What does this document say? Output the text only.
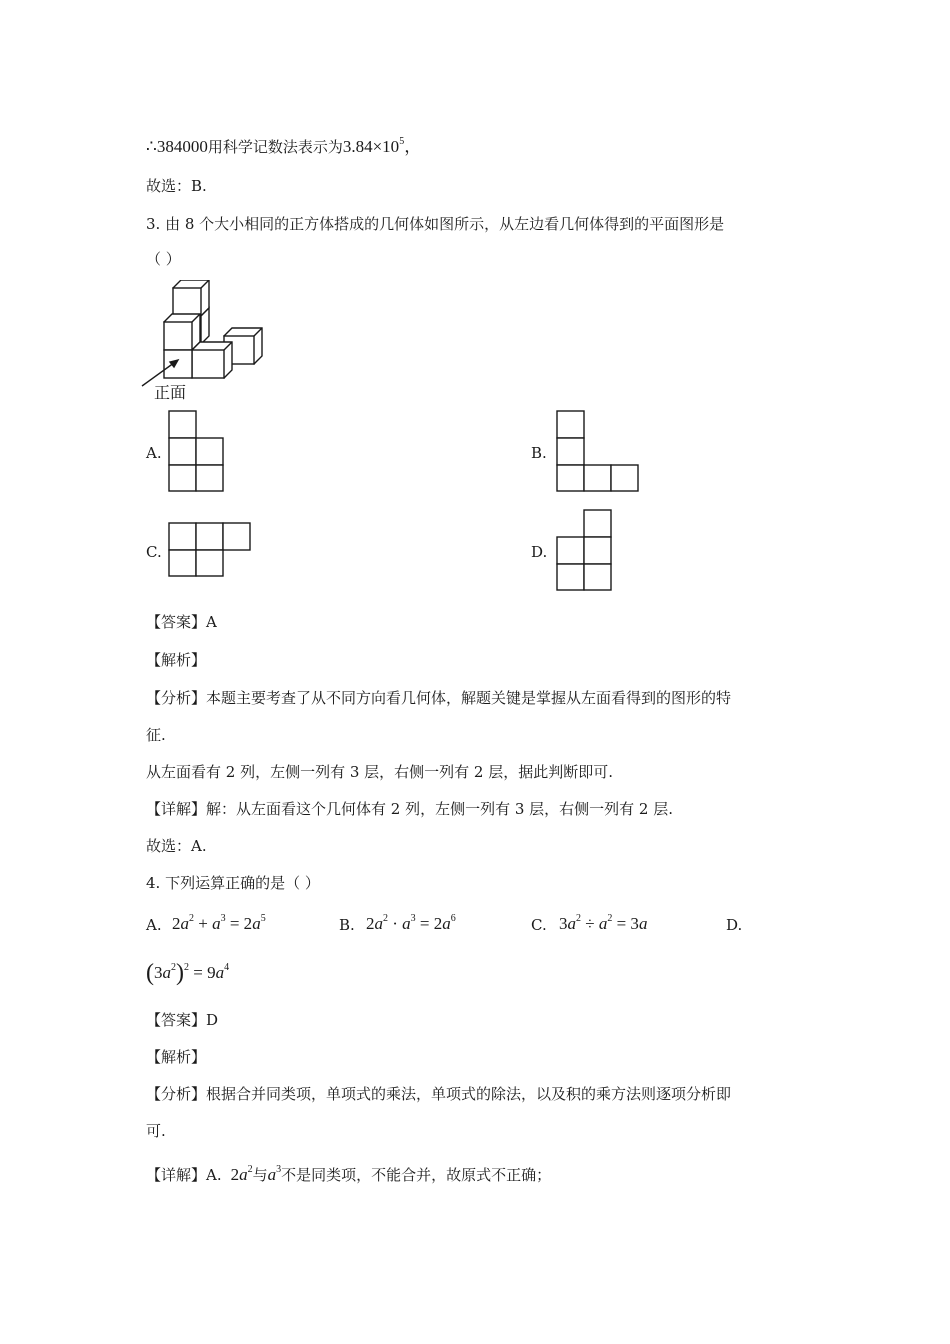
∴384000用科学记数法表示为$3.84\times 10^5$，
故选：B.
3. 由 8 个大小相同的正方体搭成的几何体如图所示，从左边看几何体得到的平面图形是
（ ）
正面
A.	B.
C.	D.
【答案】A
【解析】
【分析】本题主要考查了从不同方向看几何体，解题关键是掌握从左面看得到的图形的特
征.
从左面看有 2 列，左侧一列有 3 层，右侧一列有 2 层，据此判断即可.
【详解】解：从左面看这个几何体有 2 列，左侧一列有 3 层，右侧一列有 2 层.
故选：A.
4. 下列运算正确的是（ ）
A. $2a^2 + a^3 = 2a^5$	B. $2a^2 \cdot a^3 = 2a^6$	C. $3a^2 \div a^2 = 3a$	D.
$(3a^2)^2 = 9a^4$
【答案】D
【解析】
【分析】根据合并同类项，单项式的乘法，单项式的除法，以及积的乘方法则逐项分析即
可.
【详解】A.  $2a^2$与$a^3$不是同类项，不能合并，故原式不正确；
